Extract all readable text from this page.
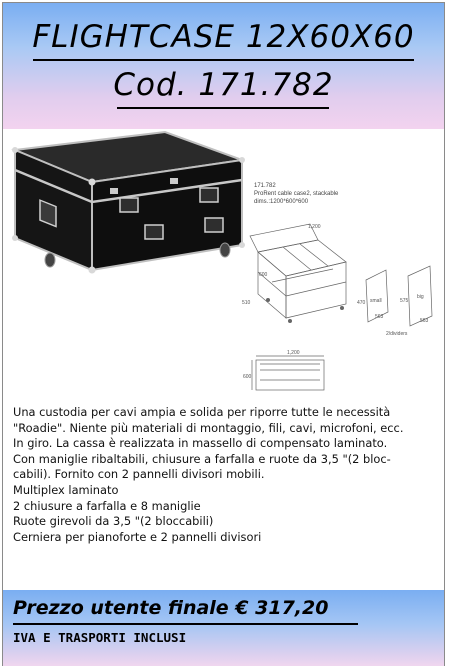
FLIGHTCASE 12X60X60
Cod. 171.782
171.782
ProRent cable case2, stackable
dims.:1200*600*600
1,200
600
510	small
470
563
big
575
563
2/dividers
1,200
600
Una custodia per cavi ampia e solida per riporre tutte le necessità
"Roadie". Niente più materiali di montaggio, fili, cavi, microfoni, ecc.
In giro. La cassa è realizzata in massello di compensato laminato.
Con maniglie ribaltabili, chiusure a farfalla e ruote da 3,5 "(2 bloc-
cabili). Fornito con 2 pannelli divisori mobili.
Multiplex laminato
2 chiusure a farfalla e 8 maniglie
Ruote girevoli da 3,5 "(2 bloccabili)
Cerniera per pianoforte e 2 pannelli divisori
Prezzo utente finale € 317,20
IVA E TRASPORTI INCLUSI
